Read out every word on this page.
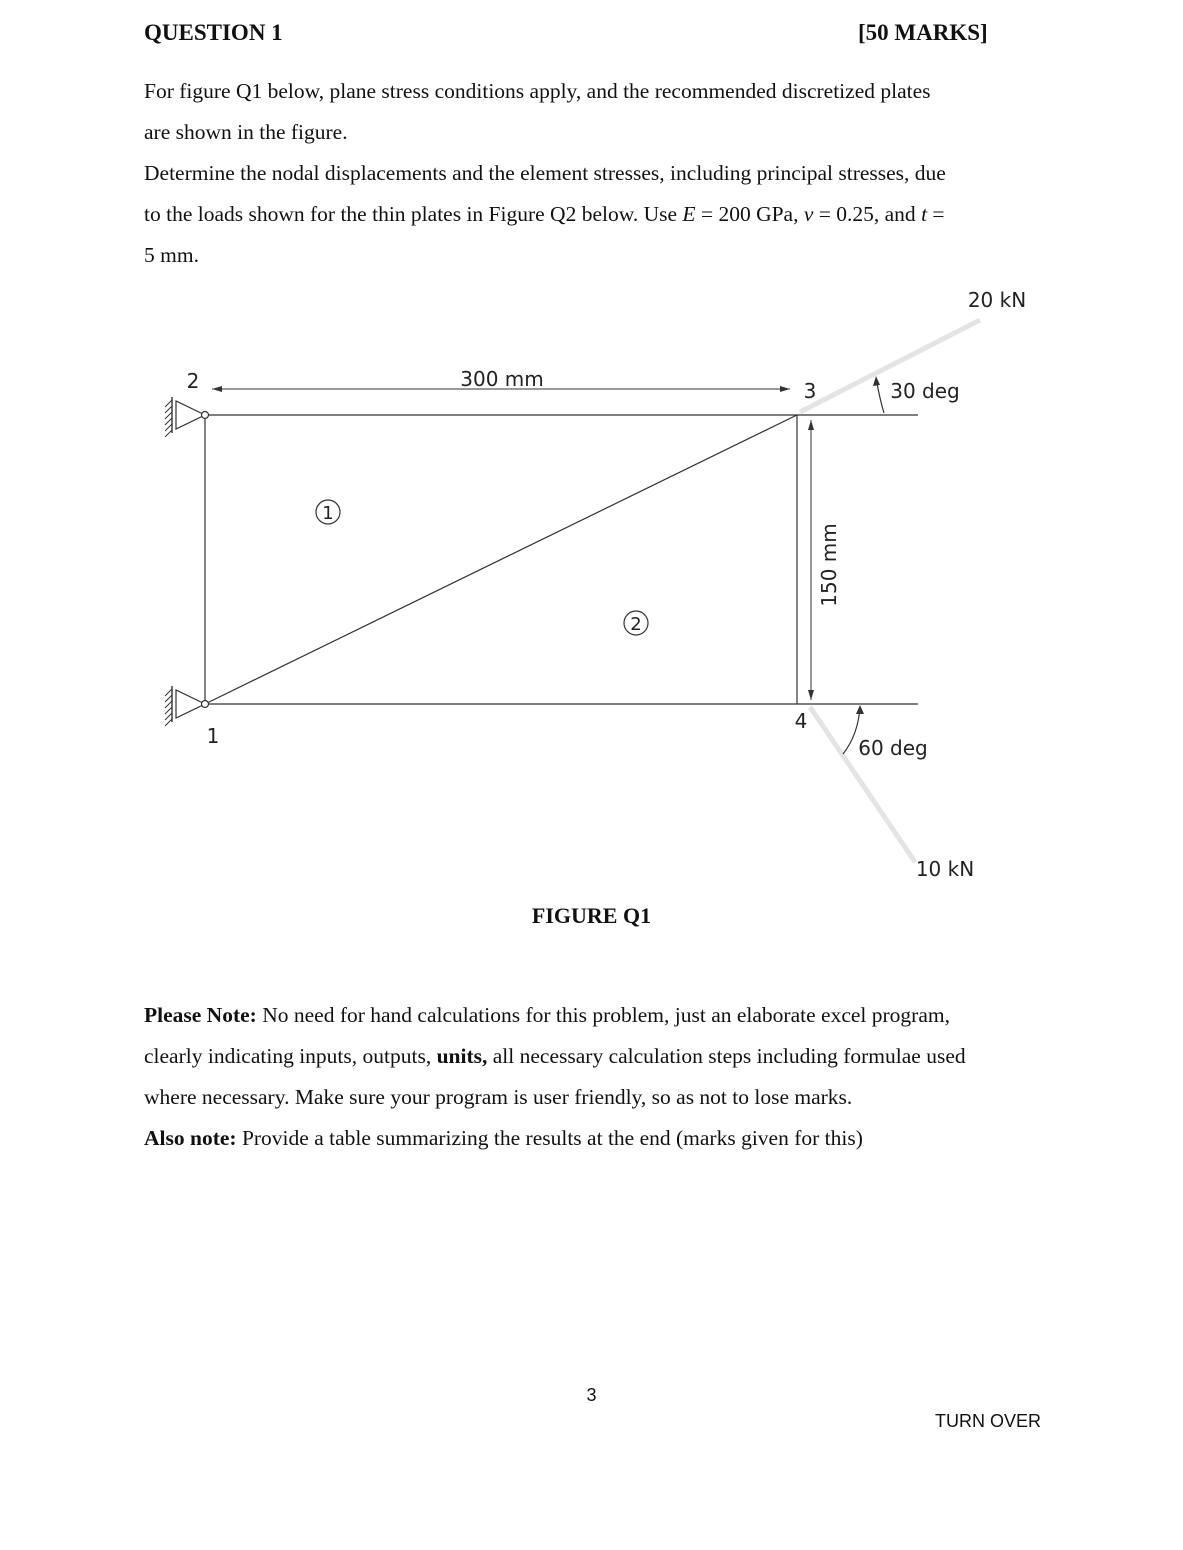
QUESTION 1	[50 MARKS]
For figure Q1 below, plane stress conditions apply, and the recommended discretized plates
are shown in the figure.
Determine the nodal displacements and the element stresses, including principal stresses, due
to the loads shown for the thin plates in Figure Q2 below. Use E = 200 GPa, ν = 0.25, and t =
5 mm.
300 mm
150 mm
2
1
3
4
1
2
20 kN
30 deg
60 deg
10 kN
FIGURE Q1
Please Note: No need for hand calculations for this problem, just an elaborate excel program,
clearly indicating inputs, outputs, units, all necessary calculation steps including formulae used
where necessary. Make sure your program is user friendly, so as not to lose marks.
Also note: Provide a table summarizing the results at the end (marks given for this)
3
TURN OVER
